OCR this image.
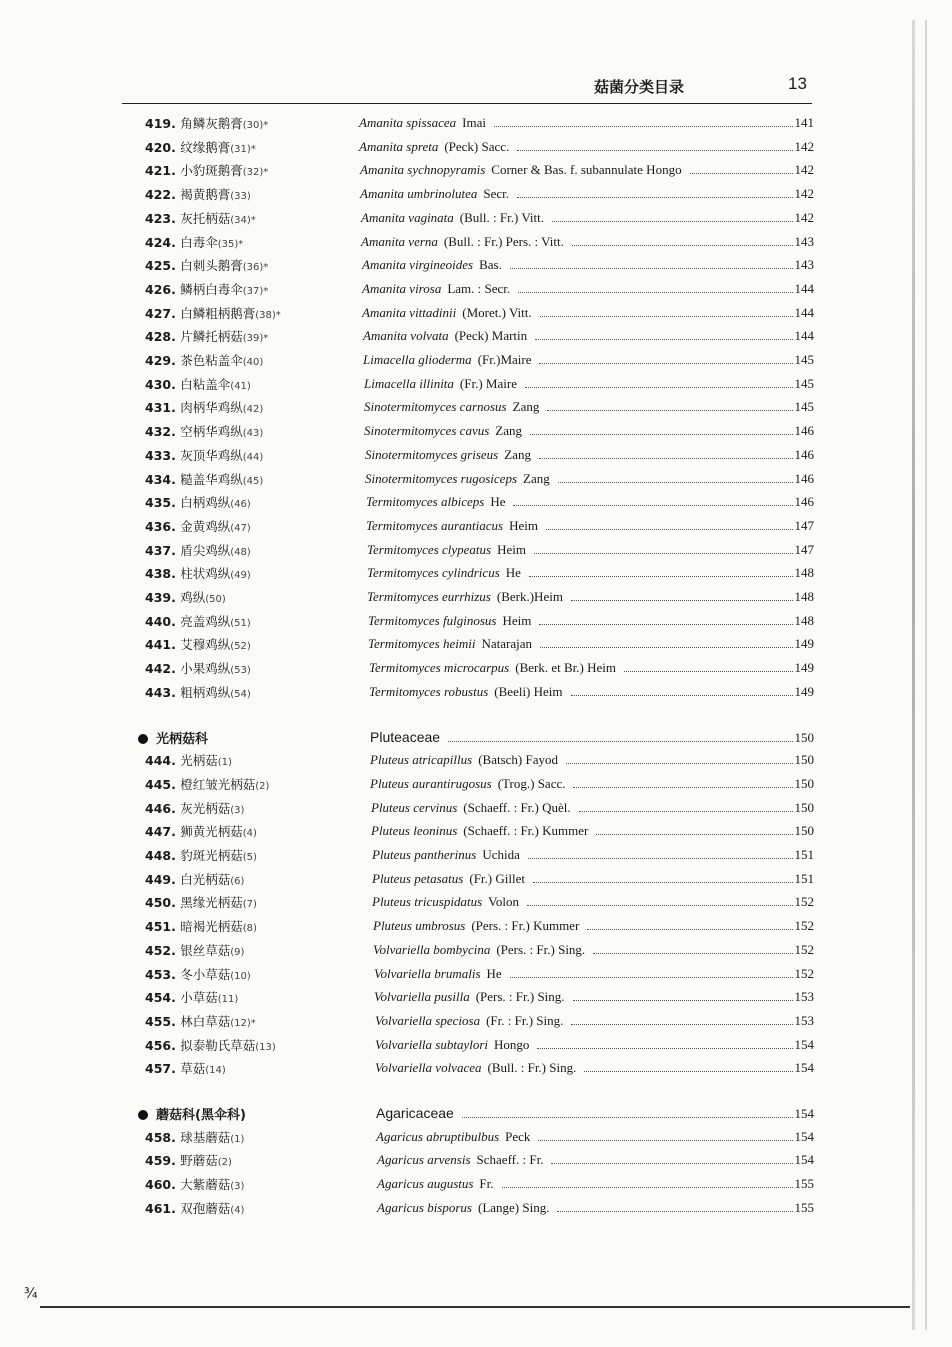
菇菌分类目录	13
419. 角鳞灰鹅膏(30)*	Amanita spissacea Imai	141
420. 纹缘鹅膏(31)*	Amanita spreta (Peck) Sacc.	142
421. 小豹斑鹅膏(32)*	Amanita sychnopyramis Corner & Bas. f. subannulate Hongo	142
422. 褐黄鹅膏(33)	Amanita umbrinolutea Secr.	142
423. 灰托柄菇(34)*	Amanita vaginata (Bull. : Fr.) Vitt.	142
424. 白毒伞(35)*	Amanita verna (Bull. : Fr.) Pers. : Vitt.	143
425. 白刺头鹅膏(36)*	Amanita virgineoides Bas.	143
426. 鳞柄白毒伞(37)*	Amanita virosa Lam. : Secr.	144
427. 白鳞粗柄鹅膏(38)*	Amanita vittadinii (Moret.) Vitt.	144
428. 片鳞托柄菇(39)*	Amanita volvata (Peck) Martin	144
429. 茶色粘盖伞(40)	Limacella glioderma (Fr.)Maire	145
430. 白粘盖伞(41)	Limacella illinita (Fr.) Maire	145
431. 肉柄华鸡纵(42)	Sinotermitomyces carnosus Zang	145
432. 空柄华鸡纵(43)	Sinotermitomyces cavus Zang	146
433. 灰顶华鸡纵(44)	Sinotermitomyces griseus Zang	146
434. 糙盖华鸡纵(45)	Sinotermitomyces rugosiceps Zang	146
435. 白柄鸡纵(46)	Termitomyces albiceps He	146
436. 金黄鸡纵(47)	Termitomyces aurantiacus Heim	147
437. 盾尖鸡纵(48)	Termitomyces clypeatus Heim	147
438. 柱状鸡纵(49)	Termitomyces cylindricus He	148
439. 鸡纵(50)	Termitomyces eurrhizus (Berk.)Heim	148
440. 亮盖鸡纵(51)	Termitomyces fulginosus Heim	148
441. 艾穆鸡纵(52)	Termitomyces heimii Natarajan	149
442. 小果鸡纵(53)	Termitomyces microcarpus (Berk. et Br.) Heim	149
443. 粗柄鸡纵(54)	Termitomyces robustus (Beeli) Heim	149
光柄菇科	Pluteaceae	150
444. 光柄菇(1)	Pluteus atricapillus (Batsch) Fayod	150
445. 橙红皱光柄菇(2)	Pluteus aurantirugosus (Trog.) Sacc.	150
446. 灰光柄菇(3)	Pluteus cervinus (Schaeff. : Fr.) Quèl.	150
447. 狮黄光柄菇(4)	Pluteus leoninus (Schaeff. : Fr.) Kummer	150
448. 豹斑光柄菇(5)	Pluteus pantherinus Uchida	151
449. 白光柄菇(6)	Pluteus petasatus (Fr.) Gillet	151
450. 黑缘光柄菇(7)	Pluteus tricuspidatus Volon	152
451. 暗褐光柄菇(8)	Pluteus umbrosus (Pers. : Fr.) Kummer	152
452. 银丝草菇(9)	Volvariella bombycina (Pers. : Fr.) Sing.	152
453. 冬小草菇(10)	Volvariella brumalis He	152
454. 小草菇(11)	Volvariella pusilla (Pers. : Fr.) Sing.	153
455. 林白草菇(12)*	Volvariella speciosa (Fr. : Fr.) Sing.	153
456. 拟泰勒氏草菇(13)	Volvariella subtaylori Hongo	154
457. 草菇(14)	Volvariella volvacea (Bull. : Fr.) Sing.	154
蘑菇科(黑伞科)	Agaricaceae	154
458. 球基蘑菇(1)	Agaricus abruptibulbus Peck	154
459. 野蘑菇(2)	Agaricus arvensis Schaeff. : Fr.	154
460. 大紫蘑菇(3)	Agaricus augustus Fr.	155
461. 双孢蘑菇(4)	Agaricus bisporus (Lange) Sing.	155
¾
